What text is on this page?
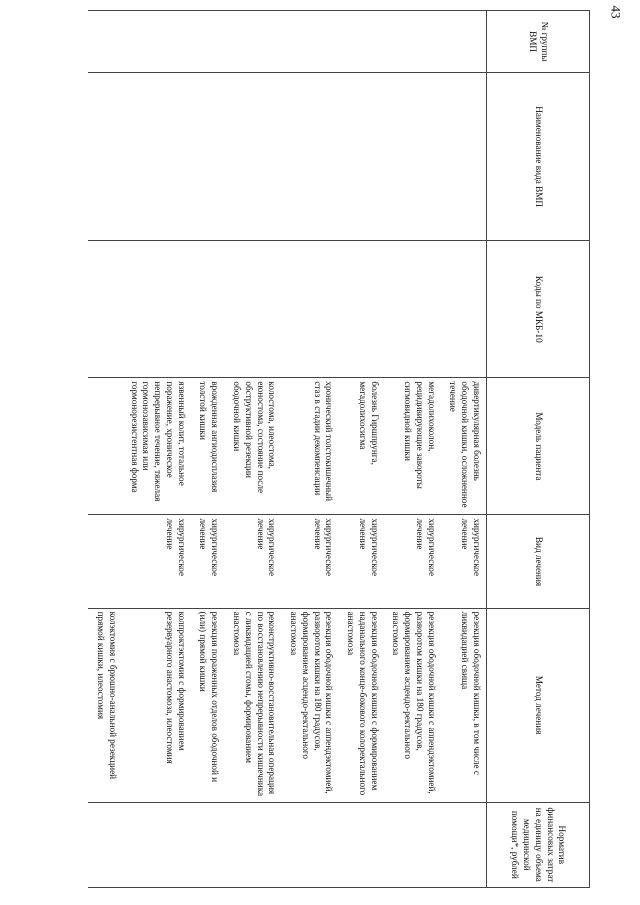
43
№ группы ВМП	Наименование вида ВМП	Коды по МКБ-10	Модель пациента	Вид лечения	Метод лечения	Норматив финансовых затрат на единицу объема медицинской помощи*, рублей
			дивертикулярная болезнь ободочной кишки, осложненное течение	хирургическое лечение	резекция ободочной кишки, в том числе с ликвидацией свища	
			мегадолихоколон, рецидивирующие завороты сигмовидной кишки	хирургическое лечение	резекция ободочной кишки с аппендэктомией, разворотом кишки на 180 градусов, формированием асцендо-ректального анастомоза	
			болезнь Гиршпрунга, мегадолихосигма	хирургическое лечение	резекция ободочной кишки с формированием наданального конце-бокового колоректального анастомоза	
			хронический толстокишечный стаз в стадии декомпенсации	хирургическое лечение	резекция ободочной кишки с аппендэктомией, разворотом кишки на 180 градусов, формированием асцендо-ректального анастомоза	
			колостома, илеостома, еюностома, состояние после обструктивной резекции ободочной кишки	хирургическое лечение	реконструктивно-восстановительная операция по восстановлению непрерывности кишечника с ликвидацией стомы, формированием анастомоза	
			врожденная ангиодисплазия толстой кишки	хирургическое лечение	резекция пораженных отделов ободочной и (или) прямой кишки	
			язвенный колит, тотальное поражение, хроническое непрерывное течение, тяжелая гормонозависимая или гормонорезистентная форма	хирургическое лечение	колпроктэктомия с формированием резервуарного анастомоза, илеостомия	
					колэктомия с брюшно-анальной резекцией прямой кишки, илеостомия	
